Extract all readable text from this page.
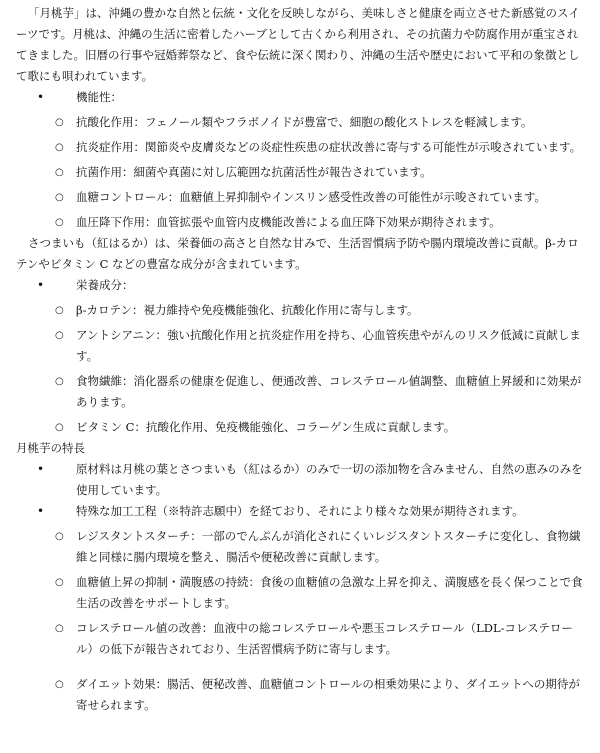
「月桃芋」は、沖縄の豊かな自然と伝統・文化を反映しながら、美味しさと健康を両立させた新感覚のスイーツです。月桃は、沖縄の生活に密着したハーブとして古くから利用され、その抗菌力や防腐作用が重宝されてきました。旧暦の行事や冠婚葬祭など、食や伝統に深く関わり、沖縄の生活や歴史において平和の象徴として歌にも唄われています。

• 機能性：
○ 抗酸化作用：フェノール類やフラボノイドが豊富で、細胞の酸化ストレスを軽減します。
○ 抗炎症作用：関節炎や皮膚炎などの炎症性疾患の症状改善に寄与する可能性が示唆されています。
○ 抗菌作用：細菌や真菌に対し広範囲な抗菌活性が報告されています。
○ 血糖コントロール：血糖値上昇抑制やインスリン感受性改善の可能性が示唆されています。
○ 血圧降下作用：血管拡張や血管内皮機能改善による血圧降下効果が期待されます。

さつまいも（紅はるか）は、栄養価の高さと自然な甘みで、生活習慣病予防や腸内環境改善に貢献。β-カロテンやビタミン C などの豊富な成分が含まれています。

• 栄養成分：
○ β-カロテン：視力維持や免疫機能強化、抗酸化作用に寄与します。
○ アントシアニン：強い抗酸化作用と抗炎症作用を持ち、心血管疾患やがんのリスク低減に貢献します。
○ 食物繊維：消化器系の健康を促進し、便通改善、コレステロール値調整、血糖値上昇緩和に効果があります。
○ ビタミン C：抗酸化作用、免疫機能強化、コラーゲン生成に貢献します。

月桃芋の特長

• 原材料は月桃の葉とさつまいも（紅はるか）のみで一切の添加物を含みません、自然の恵みのみを使用しています。
• 特殊な加工工程（※特許志願中）を経ており、それにより様々な効果が期待されます。
○ レジスタントスターチ：一部のでんぷんが消化されにくいレジスタントスターチに変化し、食物繊維と同様に腸内環境を整え、腸活や便秘改善に貢献します。
○ 血糖値上昇の抑制・満腹感の持続：食後の血糖値の急激な上昇を抑え、満腹感を長く保つことで食生活の改善をサポートします。
○ コレステロール値の改善：血液中の総コレステロールや悪玉コレステロール（LDL-コレステロール）の低下が報告されており、生活習慣病予防に寄与します。
○ ダイエット効果：腸活、便秘改善、血糖値コントロールの相乗効果により、ダイエットへの期待が寄せられます。
